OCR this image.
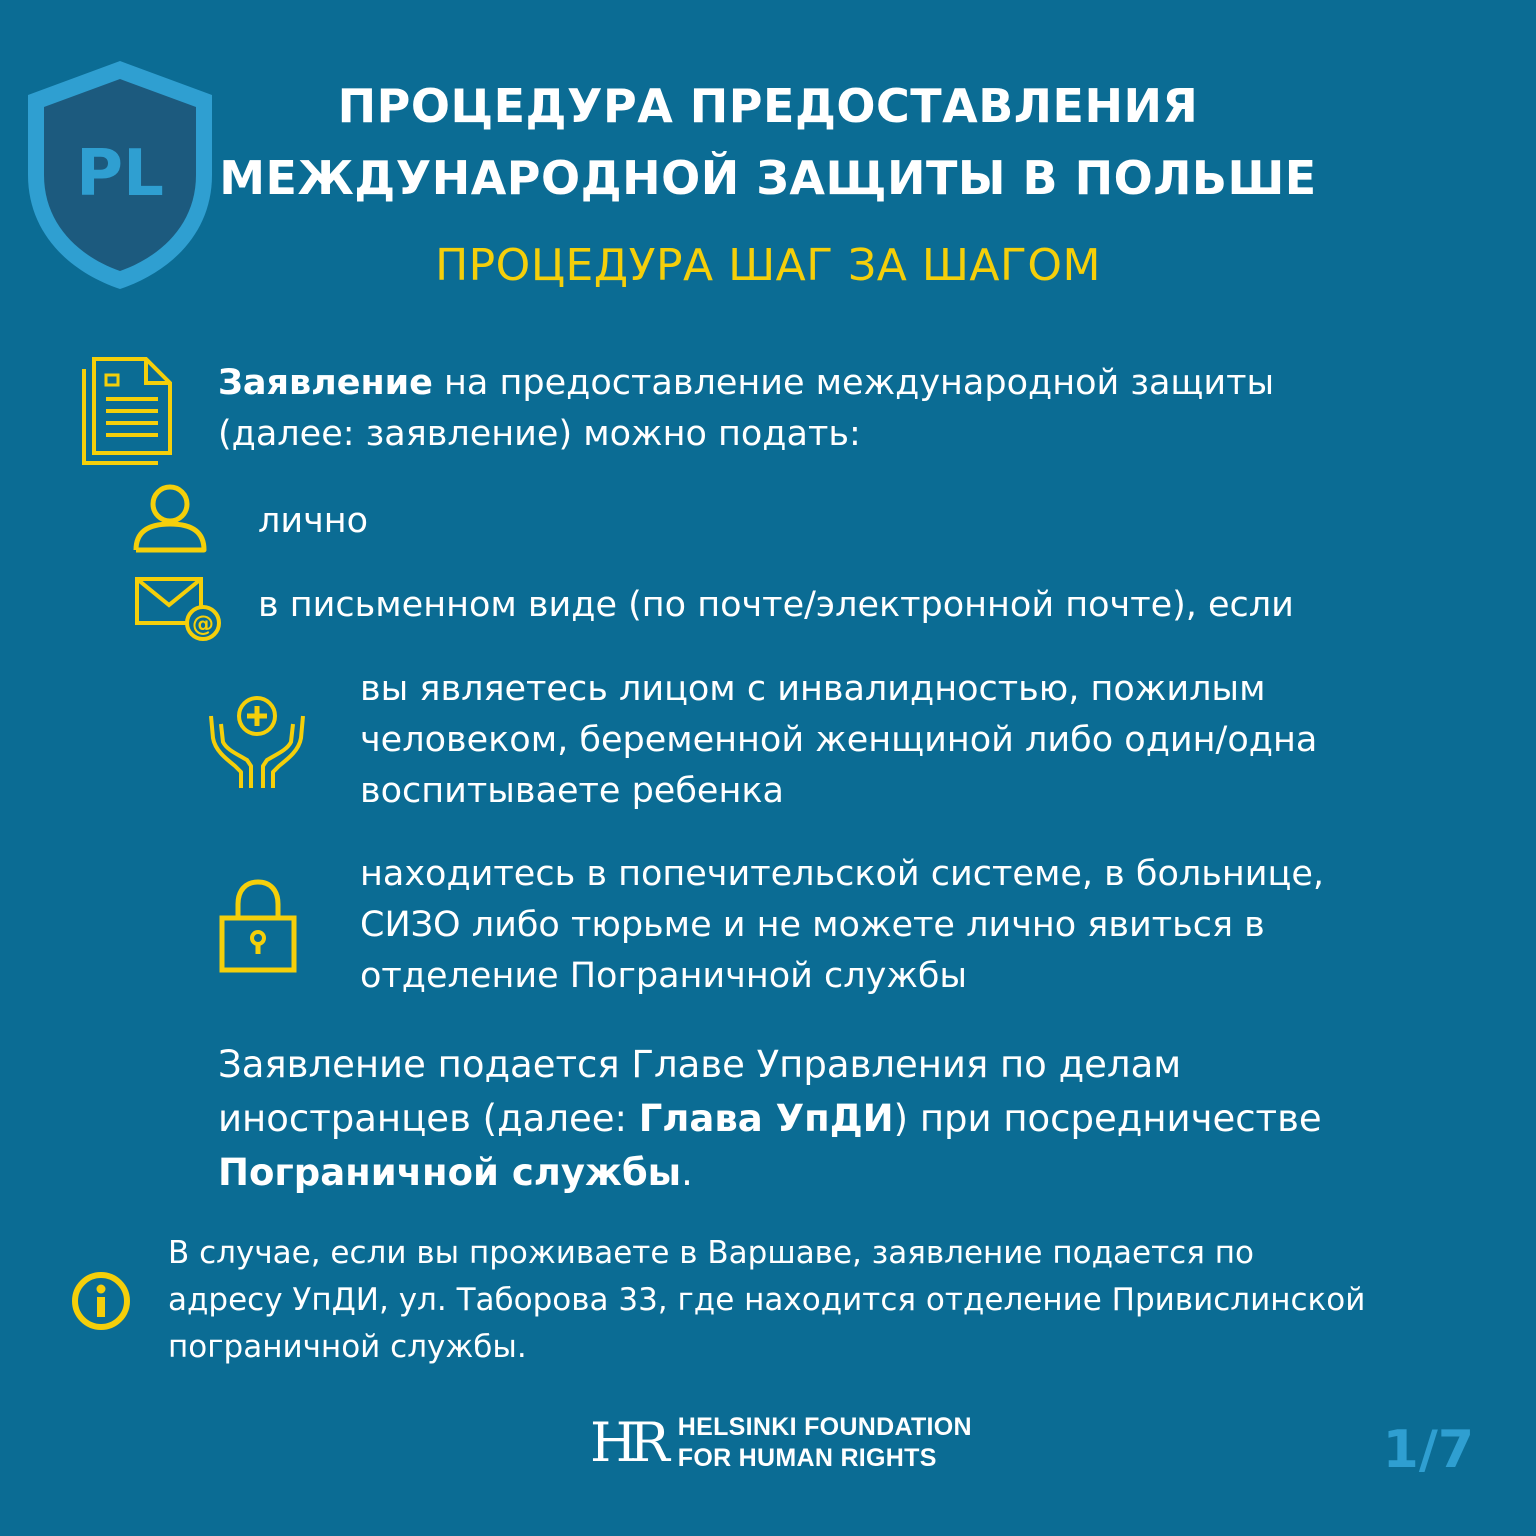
PL
ПРОЦЕДУРА ПРЕДОСТАВЛЕНИЯ
МЕЖДУНАРОДНОЙ ЗАЩИТЫ В ПОЛЬШЕ
ПРОЦЕДУРА ШАГ ЗА ШАГОМ
Заявление на предоставление международной защиты
(далее: заявление) можно подать:
лично
@ в письменном виде (по почте/электронной почте), если
вы являетесь лицом с инвалидностью, пожилым
человеком, беременной женщиной либо один/одна
воспитываете ребенка
находитесь в попечительской системе, в больнице,
СИЗО либо тюрьме и не можете лично явиться в
отделение Пограничной службы
Заявление подается Главе Управления по делам
иностранцев (далее: Глава УпДИ) при посредничестве
Пограничной службы.
В случае, если вы проживаете в Варшаве, заявление подается по
адресу УпДИ, ул. Таборова 33, где находится отделение Привислинской
пограничной службы.
HR HELSINKI FOUNDATION
FOR HUMAN RIGHTS	1/7
